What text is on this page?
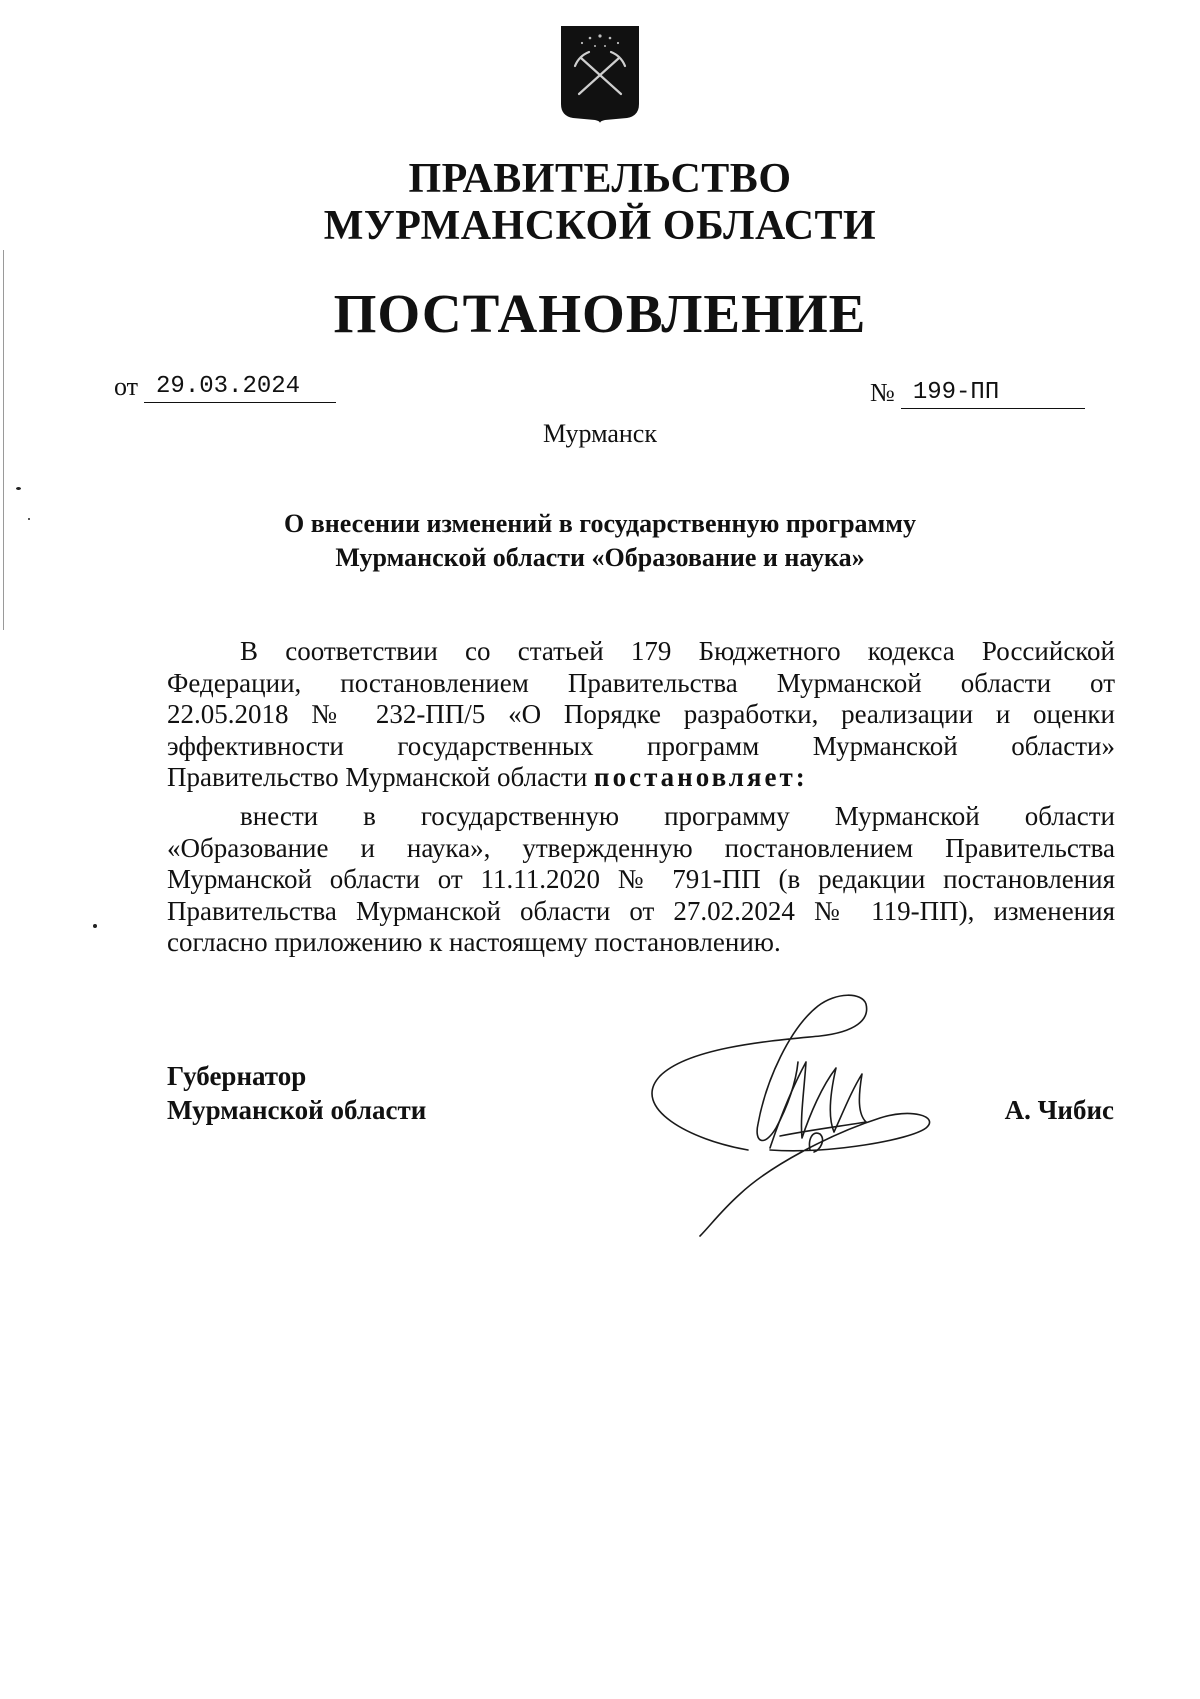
ПРАВИТЕЛЬСТВО
МУРМАНСКОЙ ОБЛАСТИ
ПОСТАНОВЛЕНИЕ
от 29.03.2024	№ 199-ПП
Мурманск
О внесении изменений в государственную программу
Мурманской области «Образование и наука»
В соответствии со статьей 179 Бюджетного кодекса Российской
Федерации, постановлением Правительства Мурманской области от
22.05.2018 № 232-ПП/5 «О Порядке разработки, реализации и оценки
эффективности государственных программ Мурманской области»
Правительство Мурманской области постановляет:
внести в государственную программу Мурманской области
«Образование и наука», утвержденную постановлением Правительства
Мурманской области от 11.11.2020 № 791-ПП (в редакции постановления
Правительства Мурманской области от 27.02.2024 № 119-ПП), изменения
согласно приложению к настоящему постановлению.
Губернатор
Мурманской области	А. Чибис
